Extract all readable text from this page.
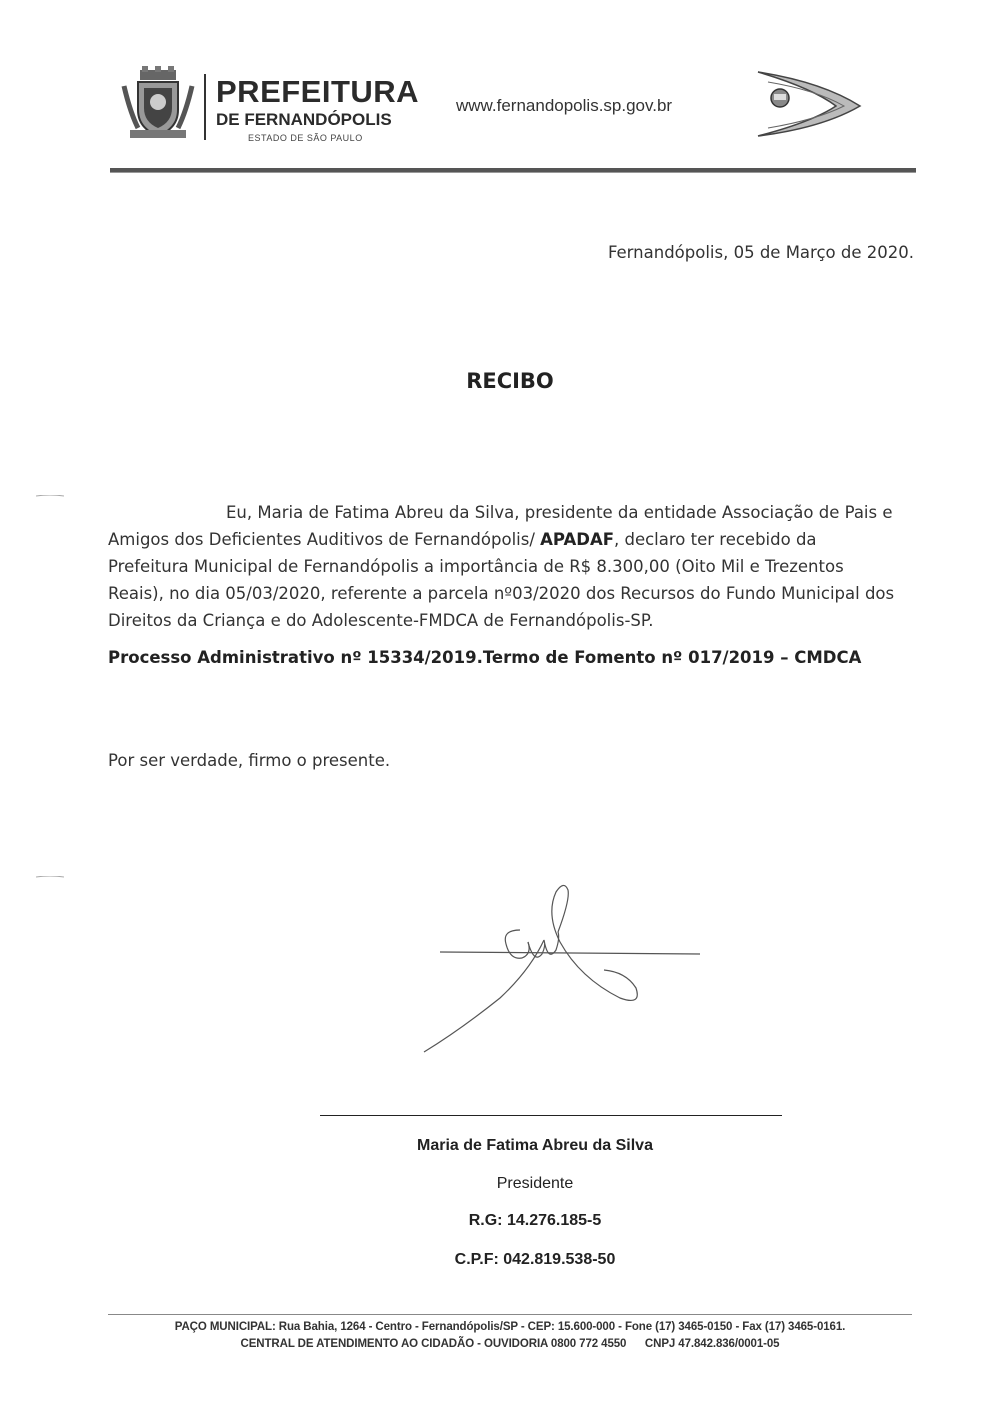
PREFEITURA
DE FERNANDÓPOLIS
ESTADO DE SÃO PAULO
www.fernandopolis.sp.gov.br
Fernandópolis, 05 de Março de 2020.
RECIBO
Eu, Maria de Fatima Abreu da Silva, presidente da entidade Associação de Pais e Amigos dos Deficientes Auditivos de Fernandópolis/ APADAF, declaro ter recebido da Prefeitura Municipal de Fernandópolis a importância de R$ 8.300,00 (Oito Mil e Trezentos Reais), no dia 05/03/2020, referente a parcela nº03/2020 dos Recursos do Fundo Municipal dos Direitos da Criança e do Adolescente-FMDCA de Fernandópolis-SP.
Processo Administrativo nº 15334/2019.Termo de Fomento nº 017/2019 – CMDCA
Por ser verdade, firmo o presente.
Maria de Fatima Abreu da Silva
Presidente
R.G: 14.276.185-5
C.P.F: 042.819.538-50
PAÇO MUNICIPAL: Rua Bahia, 1264 - Centro - Fernandópolis/SP - CEP: 15.600-000 - Fone (17) 3465-0150 - Fax (17) 3465-0161.
CENTRAL DE ATENDIMENTO AO CIDADÃO - OUVIDORIA 0800 772 4550      CNPJ 47.842.836/0001-05
